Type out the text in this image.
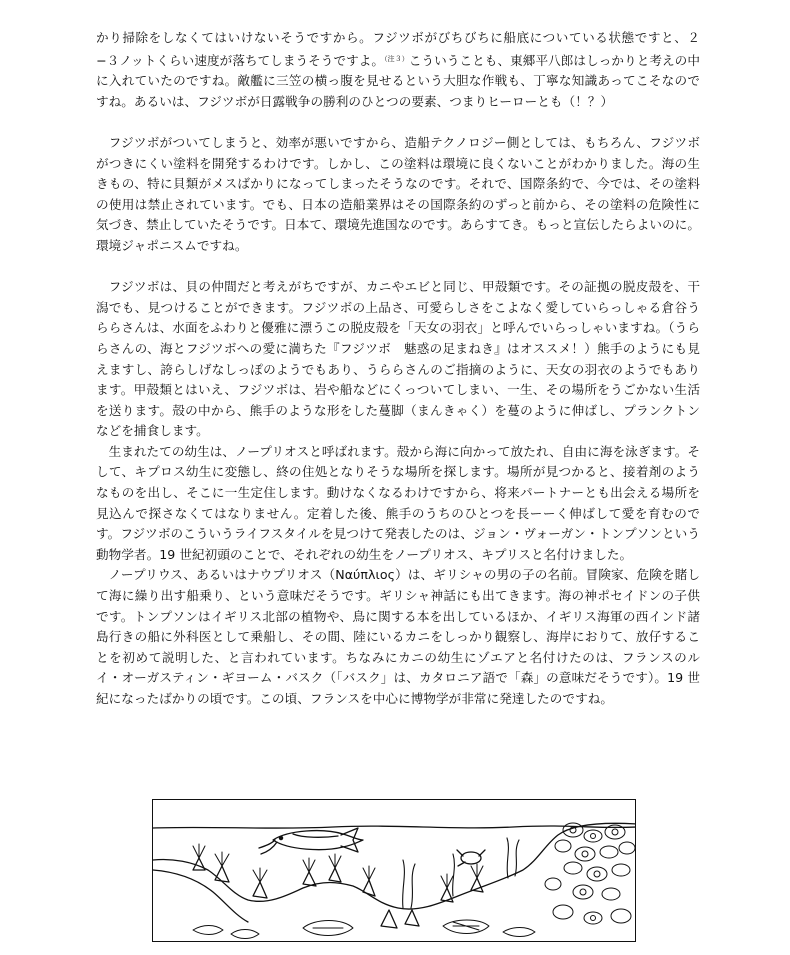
かり掃除をしなくてはいけないそうですから。フジツボがびちびちに船底についている状態ですと、２−３ノットくらい速度が落ちてしまうそうですよ。$^{(注3)}$こういうことも、東郷平八郎はしっかりと考えの中に入れていたのですね。敵艦に三笠の横っ腹を見せるという大胆な作戦も、丁寧な知識あってこそなのですね。あるいは、フジツボが日露戦争の勝利のひとつの要素、つまりヒーローとも（！？）

フジツボがついてしまうと、効率が悪いですから、造船テクノロジー側としては、もちろん、フジツボがつきにくい塗料を開発するわけです。しかし、この塗料は環境に良くないことがわかりました。海の生きもの、特に貝類がメスばかりになってしまったそうなのです。それで、国際条約で、今では、その塗料の使用は禁止されています。でも、日本の造船業界はその国際条約のずっと前から、その塗料の危険性に気づき、禁止していたそうです。日本て、環境先進国なのです。あらすてき。もっと宣伝したらよいのに。環境ジャポニスムですね。

フジツボは、貝の仲間だと考えがちですが、カニやエビと同じ、甲殻類です。その証拠の脱皮殻を、干潟でも、見つけることができます。フジツボの上品さ、可愛らしさをこよなく愛していらっしゃる倉谷うららさんは、水面をふわりと優雅に漂うこの脱皮殻を「天女の羽衣」と呼んでいらっしゃいますね。（うららさんの、海とフジツボへの愛に満ちた『フジツボ　魅惑の足まねき』はオススメ！）熊手のようにも見えますし、誇らしげなしっぽのようでもあり、うららさんのご指摘のように、天女の羽衣のようでもあります。甲殻類とはいえ、フジツボは、岩や船などにくっついてしまい、一生、その場所をうごかない生活を送ります。殻の中から、熊手のような形をした蔓脚（まんきゃく）を蔓のように伸ばし、プランクトンなどを捕食します。

生まれたての幼生は、ノープリオスと呼ばれます。殻から海に向かって放たれ、自由に海を泳ぎます。そして、キプロス幼生に変態し、終の住処となりそうな場所を探します。場所が見つかると、接着剤のようなものを出し、そこに一生定住します。動けなくなるわけですから、将来パートナーとも出会える場所を見込んで探さなくてはなりません。定着した後、熊手のうちのひとつを長ーーく伸ばして愛を育むのです。フジツボのこういうライフスタイルを見つけて発表したのは、ジョン・ヴォーガン・トンプソンという動物学者。19 世紀初頭のことで、それぞれの幼生をノープリオス、キプリスと名付けました。

ノープリウス、あるいはナウプリオス（Ναύπλιος）は、ギリシャの男の子の名前。冒険家、危険を賭して海に繰り出す船乗り、という意味だそうです。ギリシャ神話にも出てきます。海の神ポセイドンの子供です。トンプソンはイギリス北部の植物や、鳥に関する本を出しているほか、イギリス海軍の西インド諸島行きの船に外科医として乗船し、その間、陸にいるカニをしっかり観察し、海岸におりて、放仔することを初めて説明した、と言われています。ちなみにカニの幼生にゾエアと名付けたのは、フランスのルイ・オーガスティン・ギヨーム・バスク（「バスク」は、カタロニア語で「森」の意味だそうです）。19 世紀になったばかりの頃です。この頃、フランスを中心に博物学が非常に発達したのですね。
